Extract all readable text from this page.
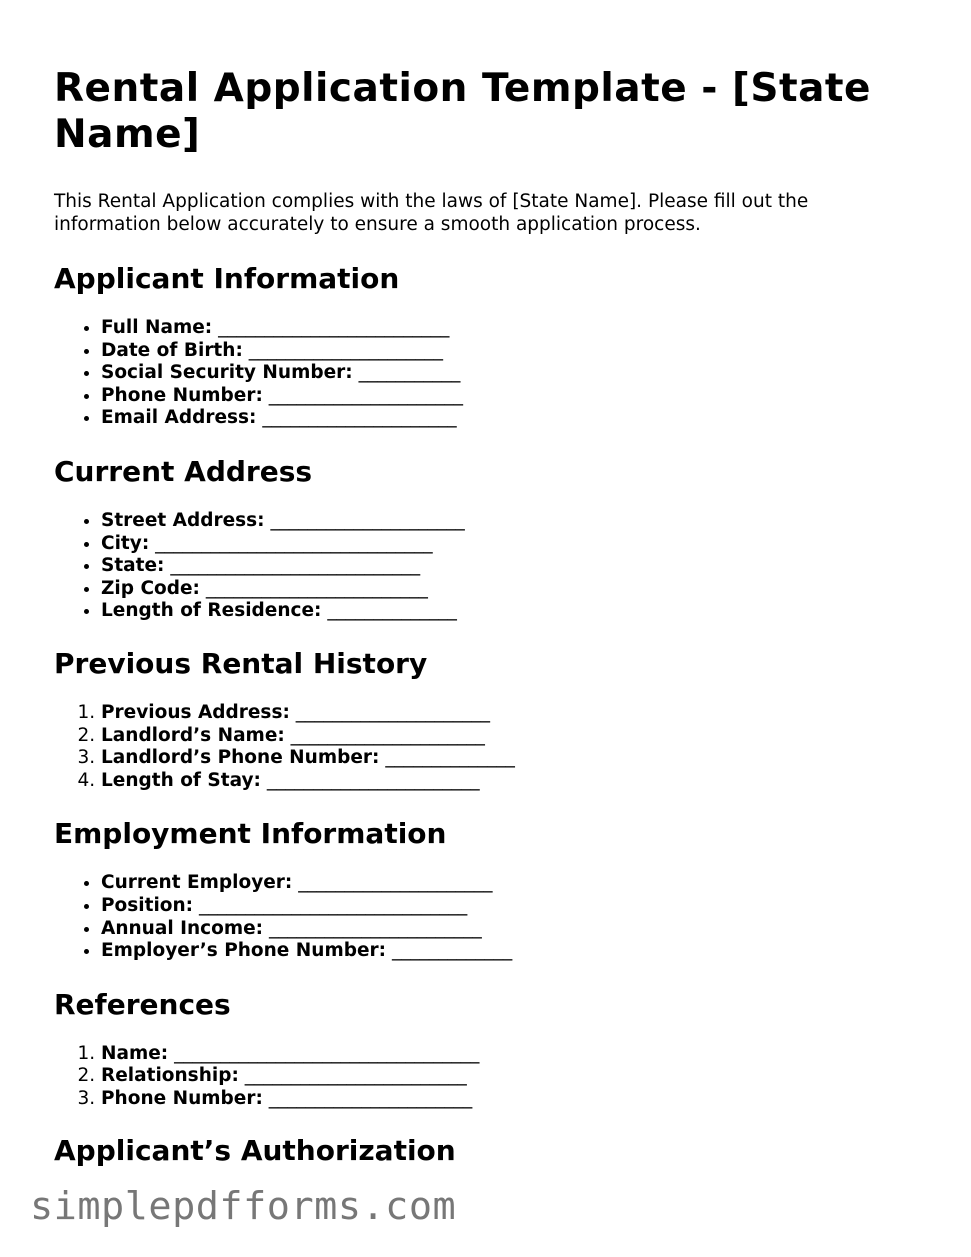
Rental Application Template - [State Name]

This Rental Application complies with the laws of [State Name]. Please fill out the information below accurately to ensure a smooth application process.

Applicant Information
• Full Name: _________________________
• Date of Birth: _____________________
• Social Security Number: ___________
• Phone Number: _____________________
• Email Address: _____________________
Current Address
• Street Address: _____________________
• City: ______________________________
• State: ___________________________
• Zip Code: ________________________
• Length of Residence: ______________
Previous Rental History
1. Previous Address: _____________________
2. Landlord’s Name: _____________________
3. Landlord’s Phone Number: ______________
4. Length of Stay: _______________________
Employment Information
• Current Employer: _____________________
• Position: _____________________________
• Annual Income: _______________________
• Employer’s Phone Number: _____________
References
1. Name: _________________________________
2. Relationship: ________________________
3. Phone Number: ______________________
Applicant’s Authorization
simplepdfforms.com
